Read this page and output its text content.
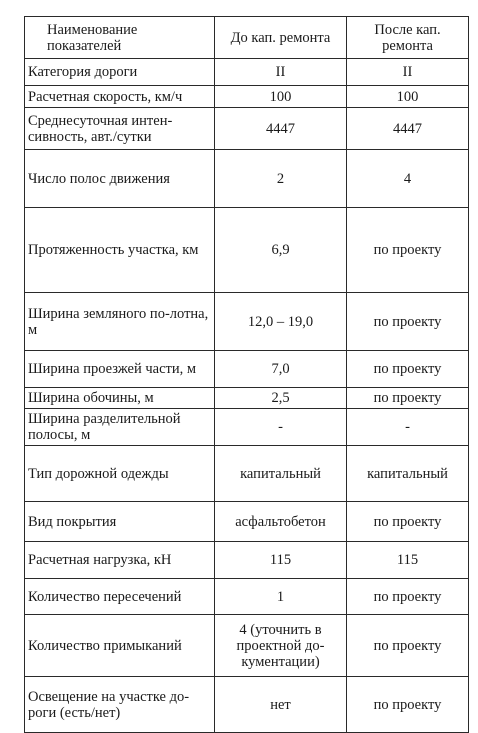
Наименование показателей	До кап. ремонта	После кап. ремонта
Категория дороги	II	II
Расчетная скорость, км/ч	100	100
Среднесуточная интен-сивность, авт./сутки	4447	4447
Число полос движения	2	4
Протяженность участка, км	6,9	по проекту
Ширина земляного по-лотна, м	12,0 – 19,0	по проекту
Ширина проезжей части, м	7,0	по проекту
Ширина обочины, м	2,5	по проекту
Ширина разделительной полосы, м	-	-
Тип дорожной одежды	капитальный	капитальный
Вид покрытия	асфальтобетон	по проекту
Расчетная нагрузка, кН	115	115
Количество пересечений	1	по проекту
Количество примыканий	4 (уточнить в проектной до-кументации)	по проекту
Освещение на участке до-роги (есть/нет)	нет	по проекту
